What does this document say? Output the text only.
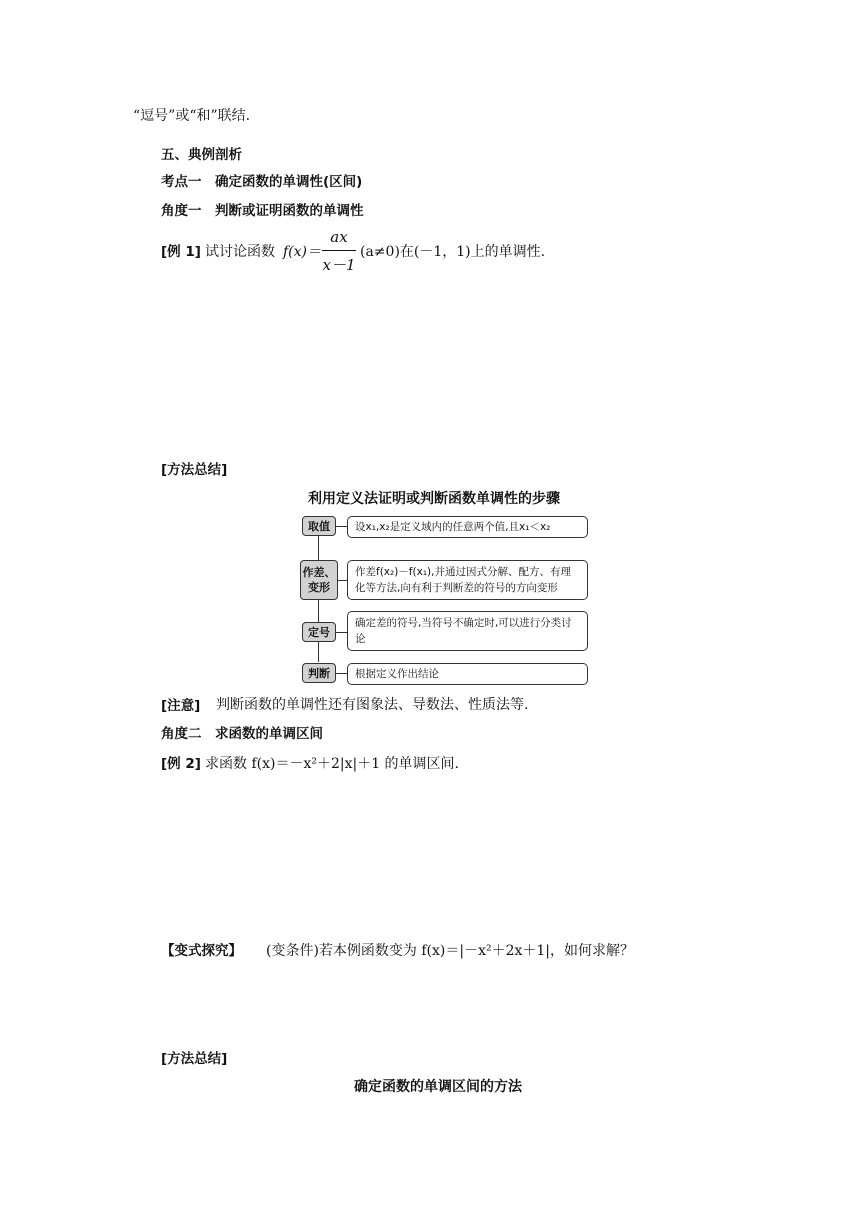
“逗号”或“和”联结.
五、典例剖析
考点一　确定函数的单调性(区间)
角度一　判断或证明函数的单调性
[例 1] 试讨论函数 f(x)＝
ax
x－1
(a≠0)在(－1，1)上的单调性.
[方法总结]
利用定义法证明或判断函数单调性的步骤
取值	设x₁,x₂是定义域内的任意两个值,且x₁＜x₂
作差、
变形
作差f(x₂)－f(x₁),并通过因式分解、配方、有理化等方法,向有利于判断差的符号的方向变形
定号
确定差的符号,当符号不确定时,可以进行分类讨论
判断	根据定义作出结论
[注意] 判断函数的单调性还有图象法、导数法、性质法等.
角度二　求函数的单调区间
[例 2] 求函数 f(x)＝－x²＋2|x|＋1 的单调区间.
【变式探究】 (变条件)若本例函数变为 f(x)＝|－x²＋2x＋1|，如何求解？
[方法总结]
确定函数的单调区间的方法
